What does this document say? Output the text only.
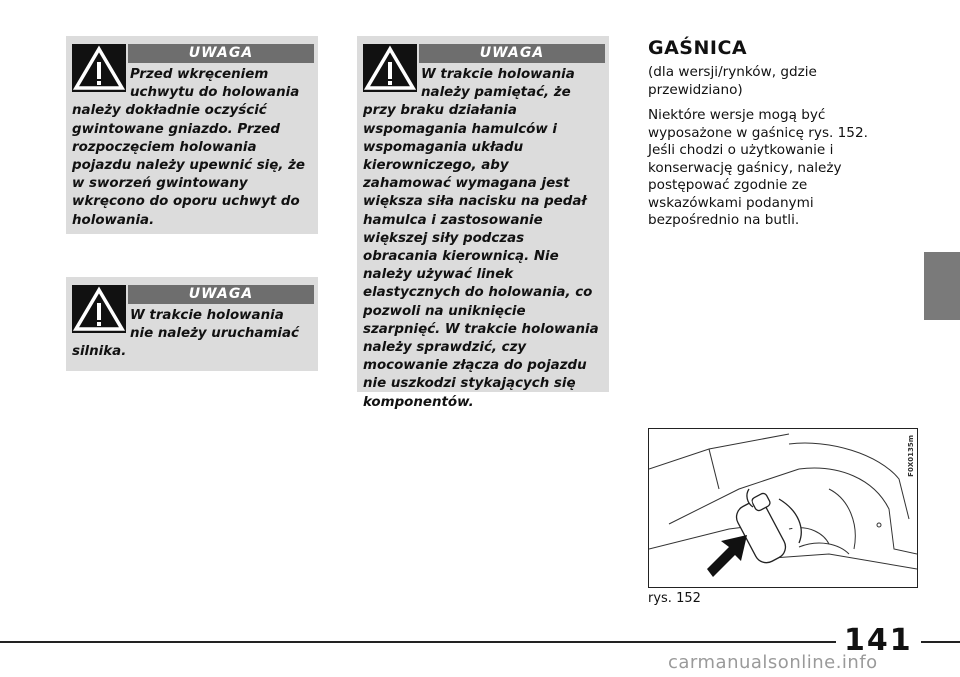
UWAGA

Przed wkręceniem uchwytu do holowania należy dokładnie oczyścić gwintowane gniazdo. Przed rozpoczęciem holowania pojazdu należy upewnić się, że w sworzeń gwintowany wkręcono do oporu uchwyt do holowania.

UWAGA

W trakcie holowania nie należy uruchamiać silnika.

UWAGA

W trakcie holowania należy pamiętać, że przy braku działania wspomagania hamulców i wspomagania układu kierowniczego, aby zahamować wymagana jest większa siła nacisku na pedał hamulca i zastosowanie większej siły podczas obracania kierownicą. Nie należy używać linek elastycznych do holowania, co pozwoli na uniknięcie szarpnięć. W trakcie holowania należy sprawdzić, czy mocowanie złącza do pojazdu nie uszkodzi stykających się komponentów.

GAŚNICA

(dla wersji/rynków, gdzie przewidziano)

Niektóre wersje mogą być wyposażone w gaśnicę rys. 152. Jeśli chodzi o użytkowanie i konserwację gaśnicy, należy postępować zgodnie ze wskazówkami podanymi bezpośrednio na butli.

F0X0135m
rys. 152
141
carmanualsonline.info
